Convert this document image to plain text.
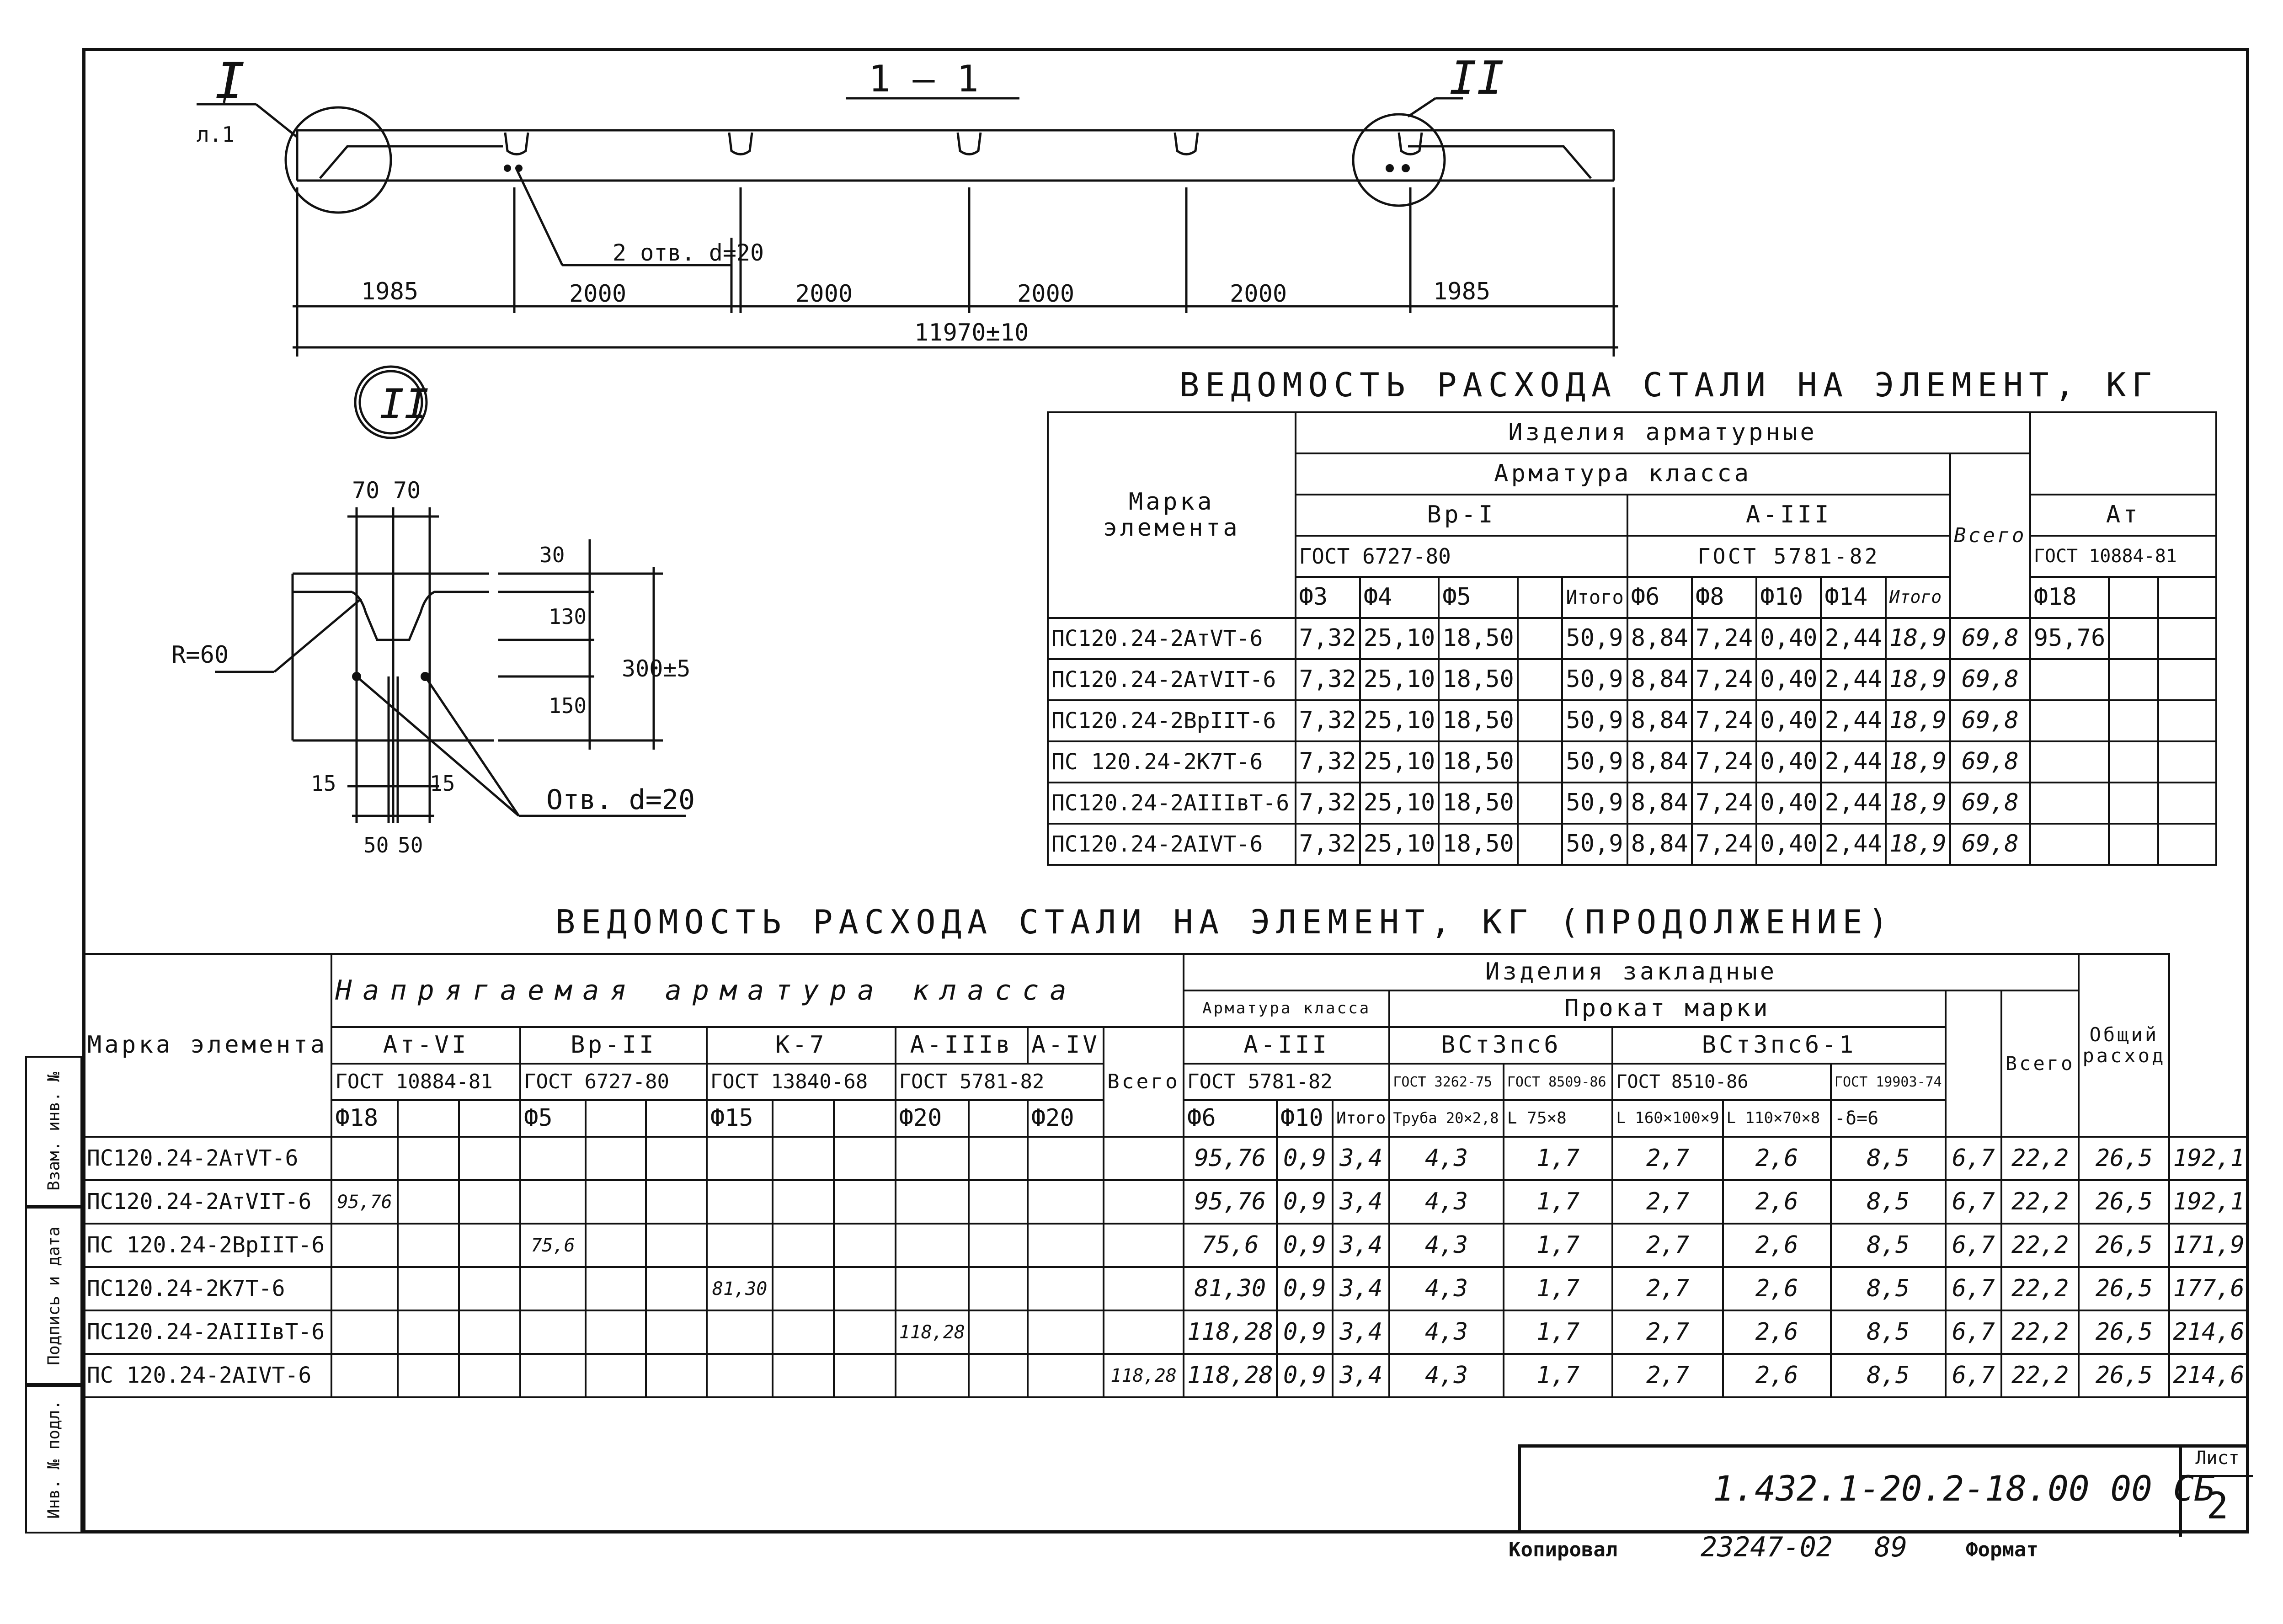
Взам. инв. №
Подпись и дата
Инв. № подл.
1 — 1
I
л.1
II
2 отв. d=20
1985	2000	2000	2000	2000	1985
11970±10
II
70 70
30
130
150
300±5
R=60
Отв. d=20
15	15
50 50
ВЕДОМОСТЬ РАСХОДА СТАЛИ НА ЭЛЕМЕНТ, КГ
Марка элемента	Изделия арматурные													
	Арматура класса										Всего			
	Вр-I					А-III						Ат		
	ГОСТ 6727-80					ГОСТ 5781-82						ГОСТ 10884-81		
	Ф3	Ф4	Ф5		Итого	Ф6	Ф8	Ф10	Ф14	Итого		Ф18		
ПС120.24-2АтVТ-6	7,32	25,10	18,50		50,9	8,84	7,24	0,40	2,44	18,9	69,8	95,76		
ПС120.24-2АтVIТ-6	7,32	25,10	18,50		50,9	8,84	7,24	0,40	2,44	18,9	69,8			
ПС120.24-2ВрIIТ-6	7,32	25,10	18,50		50,9	8,84	7,24	0,40	2,44	18,9	69,8			
ПС 120.24-2К7Т-6	7,32	25,10	18,50		50,9	8,84	7,24	0,40	2,44	18,9	69,8			
ПС120.24-2АIIIвТ-6	7,32	25,10	18,50		50,9	8,84	7,24	0,40	2,44	18,9	69,8			
ПС120.24-2АIVТ-6	7,32	25,10	18,50		50,9	8,84	7,24	0,40	2,44	18,9	69,8			
ВЕДОМОСТЬ РАСХОДА СТАЛИ НА ЭЛЕМЕНТ, КГ (ПРОДОЛЖЕНИЕ)
Марка элемента	Напрягаемая арматура класса													Изделия закладные										Общий расход	
														Арматура класса			Прокат марки						Всего		
	Ат-VI			Вр-II			К-7			А-IIIв		А-IV	Всего	А-III			ВСт3пс6		ВСт3пс6-1						
	ГОСТ 10884-81			ГОСТ 6727-80			ГОСТ 13840-68			ГОСТ 5781-82				ГОСТ 5781-82			ГОСТ 3262-75	ГОСТ 8509-86	ГОСТ 8510-86		ГОСТ 19903-74				
	Ф18			Ф5			Ф15			Ф20		Ф20		Ф6	Ф10	Итого	Труба 20×2,8	L 75×8	L 160×100×9	L 110×70×8	-δ=6				
ПС120.24-2АтVТ-6														95,76	0,9	3,4	4,3	1,7	2,7	2,6	8,5	6,7	22,2	26,5	192,1
ПС120.24-2АтVIТ-6	95,76													95,76	0,9	3,4	4,3	1,7	2,7	2,6	8,5	6,7	22,2	26,5	192,1
ПС 120.24-2ВрIIТ-6				75,6										75,6	0,9	3,4	4,3	1,7	2,7	2,6	8,5	6,7	22,2	26,5	171,9
ПС120.24-2К7Т-6							81,30							81,30	0,9	3,4	4,3	1,7	2,7	2,6	8,5	6,7	22,2	26,5	177,6
ПС120.24-2АIIIвТ-6										118,28				118,28	0,9	3,4	4,3	1,7	2,7	2,6	8,5	6,7	22,2	26,5	214,6
ПС 120.24-2АIVТ-6													118,28	118,28	0,9	3,4	4,3	1,7	2,7	2,6	8,5	6,7	22,2	26,5	214,6
1.432.1-20.2-18.00 00 СБ
Лист
2
Копировал	23247-02 89	Формат
